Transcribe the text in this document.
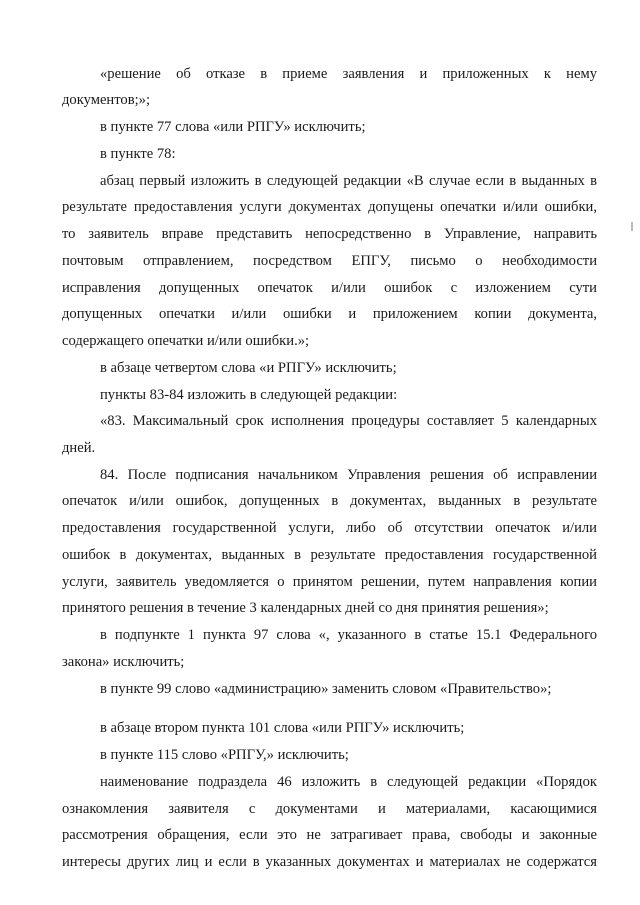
«решение об отказе в приеме заявления и приложенных к нему
документов;»;
в пункте 77 слова «или РПГУ» исключить;
в пункте 78:
абзац первый изложить в следующей редакции «В случае если в выданных в
результате предоставления услуги документах допущены опечатки и/или ошибки,
то заявитель вправе представить непосредственно в Управление, направить
почтовым отправлением, посредством ЕПГУ, письмо о необходимости
исправления допущенных опечаток и/или ошибок с изложением сути
допущенных опечатки и/или ошибки и приложением копии документа,
содержащего опечатки и/или ошибки.»;
в абзаце четвертом слова «и РПГУ» исключить;
пункты 83-84 изложить в следующей редакции:
«83. Максимальный срок исполнения процедуры составляет 5 календарных
дней.
84. После подписания начальником Управления решения об исправлении
опечаток и/или ошибок, допущенных в документах, выданных в результате
предоставления государственной услуги, либо об отсутствии опечаток и/или
ошибок в документах, выданных в результате предоставления государственной
услуги, заявитель уведомляется о принятом решении, путем направления копии
принятого решения в течение 3 календарных дней со дня принятия решения»;
в подпункте 1 пункта 97 слова «, указанного в статье 15.1 Федерального
закона» исключить;
в пункте 99 слово «администрацию» заменить словом «Правительство»;
в абзаце втором пункта 101 слова «или РПГУ» исключить;
в пункте 115 слово «РПГУ,» исключить;
наименование подраздела 46 изложить в следующей редакции «Порядок
ознакомления заявителя с документами и материалами, касающимися
рассмотрения обращения, если это не затрагивает права, свободы и законные
интересы других лиц и если в указанных документах и материалах не содержатся
